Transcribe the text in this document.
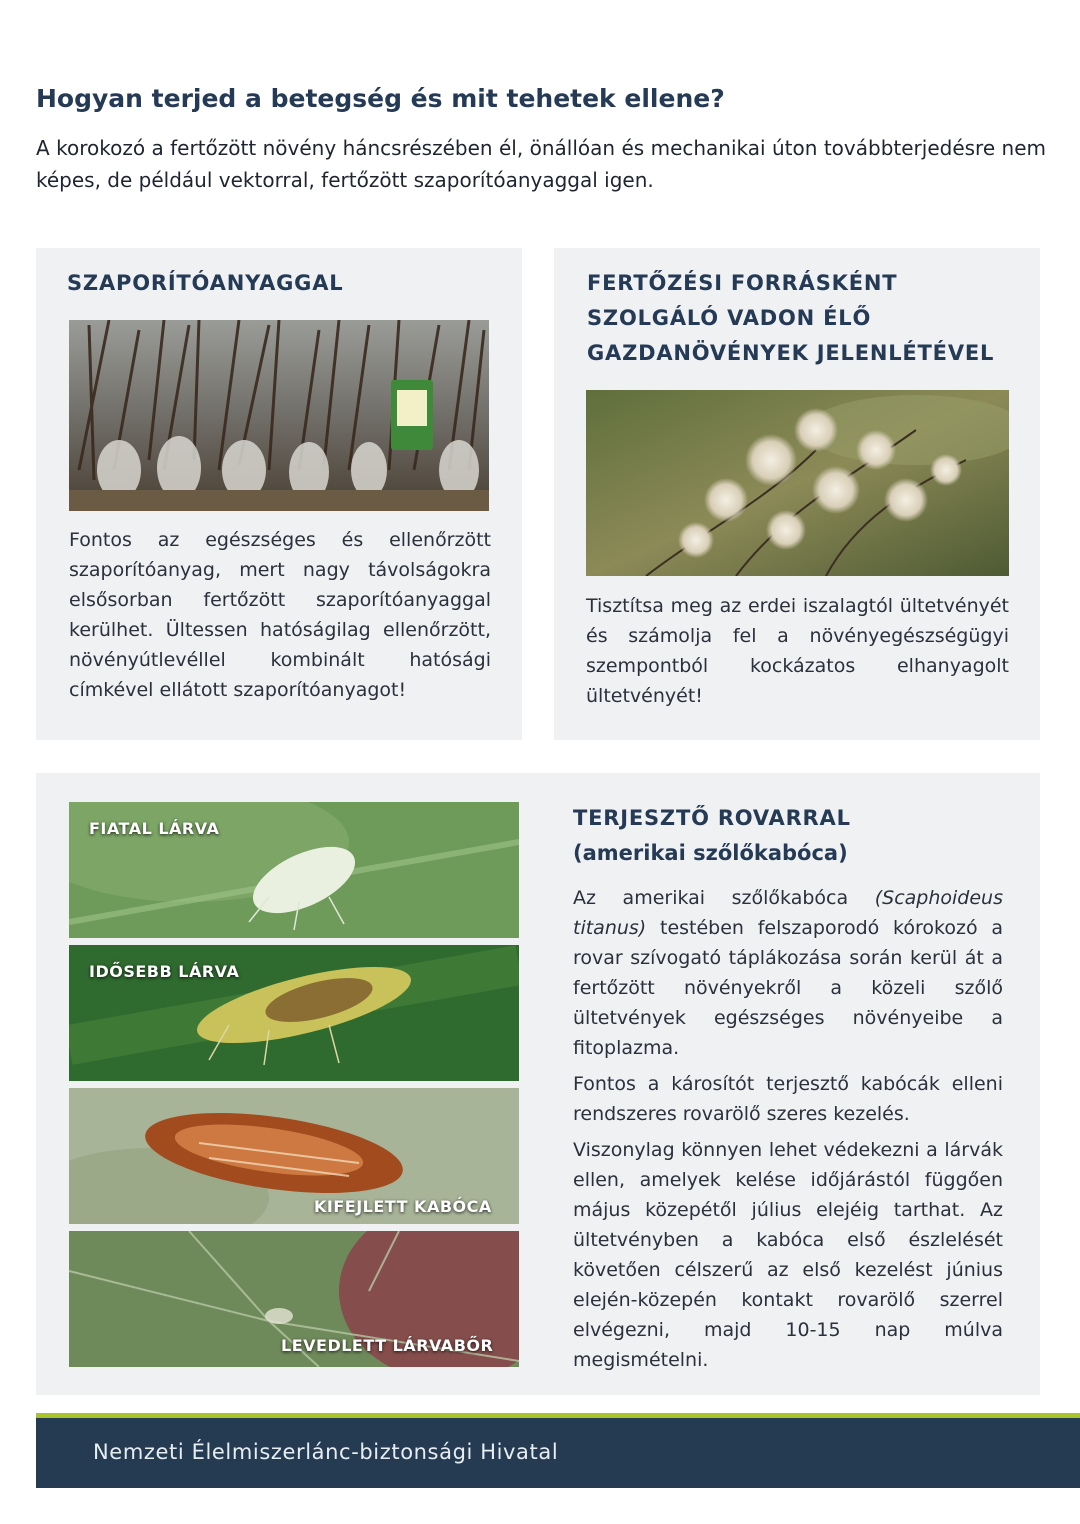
Hogyan terjed a betegség és mit tehetek ellene?

A korokozó a fertőzött növény háncsrészében él, önállóan és mechanikai úton továbbterjedésre nem képes, de például vektorral, fertőzött szaporítóanyaggal igen.

SZAPORÍTÓANYAGGAL

Fontos az egészséges és ellenőrzött szaporítóanyag, mert nagy távolságokra elsősorban fertőzött szaporítóanyaggal kerülhet. Ültessen hatóságilag ellenőrzött, növényútlevéllel kombinált hatósági címkével ellátott szaporítóanyagot!

FERTŐZÉSI FORRÁSKÉNT
SZOLGÁLÓ VADON ÉLŐ
GAZDANÖVÉNYEK JELENLÉTÉVEL

Tisztítsa meg az erdei iszalagtól ültetvényét és számolja fel a növényegészségügyi szempontból kockázatos elhanyagolt ültetvényét!

FIATAL LÁRVA
IDŐSEBB LÁRVA
KIFEJLETT KABÓCA
LEVEDLETT LÁRVABŐR
TERJESZTŐ ROVARRAL
(amerikai szőlőkabóca)

Az amerikai szőlőkabóca (Scaphoideus titanus) testében felszaporodó kórokozó a rovar szívogató táplákozása során kerül át a fertőzött növényekről a közeli szőlő ültetvények egészséges növényeibe a fitoplazma.

Fontos a károsítót terjesztő kabócák elleni rendszeres rovarölő szeres kezelés.

Viszonylag könnyen lehet védekezni a lárvák ellen, amelyek kelése időjárástól függően május közepétől július elejéig tarthat. Az ültetvényben a kabóca első észlelését követően célszerű az első kezelést június elején-közepén kontakt rovarölő szerrel elvégezni, majd 10-15 nap múlva megismételni.

Nemzeti Élelmiszerlánc-biztonsági Hivatal
